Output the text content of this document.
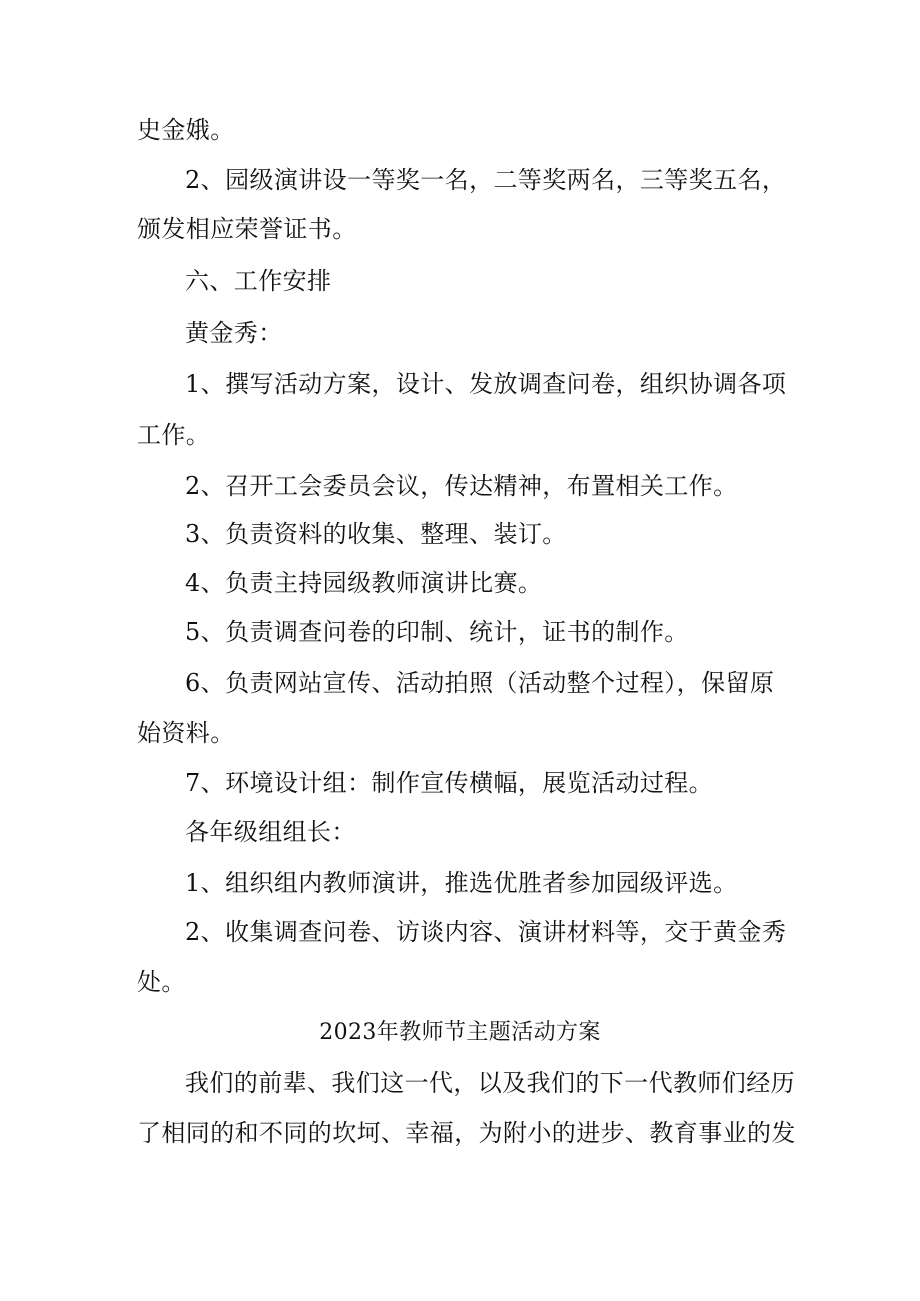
史金娥。
2、园级演讲设一等奖一名，二等奖两名，三等奖五名，
颁发相应荣誉证书。
六、工作安排
黄金秀：
1、撰写活动方案，设计、发放调查问卷，组织协调各项
工作。
2、召开工会委员会议，传达精神，布置相关工作。
3、负责资料的收集、整理、装订。
4、负责主持园级教师演讲比赛。
5、负责调查问卷的印制、统计，证书的制作。
6、负责网站宣传、活动拍照（活动整个过程），保留原
始资料。
7、环境设计组：制作宣传横幅，展览活动过程。
各年级组组长：
1、组织组内教师演讲，推选优胜者参加园级评选。
2、收集调查问卷、访谈内容、演讲材料等，交于黄金秀
处。
2023年教师节主题活动方案
我们的前辈、我们这一代，以及我们的下一代教师们经历
了相同的和不同的坎坷、幸福，为附小的进步、教育事业的发
